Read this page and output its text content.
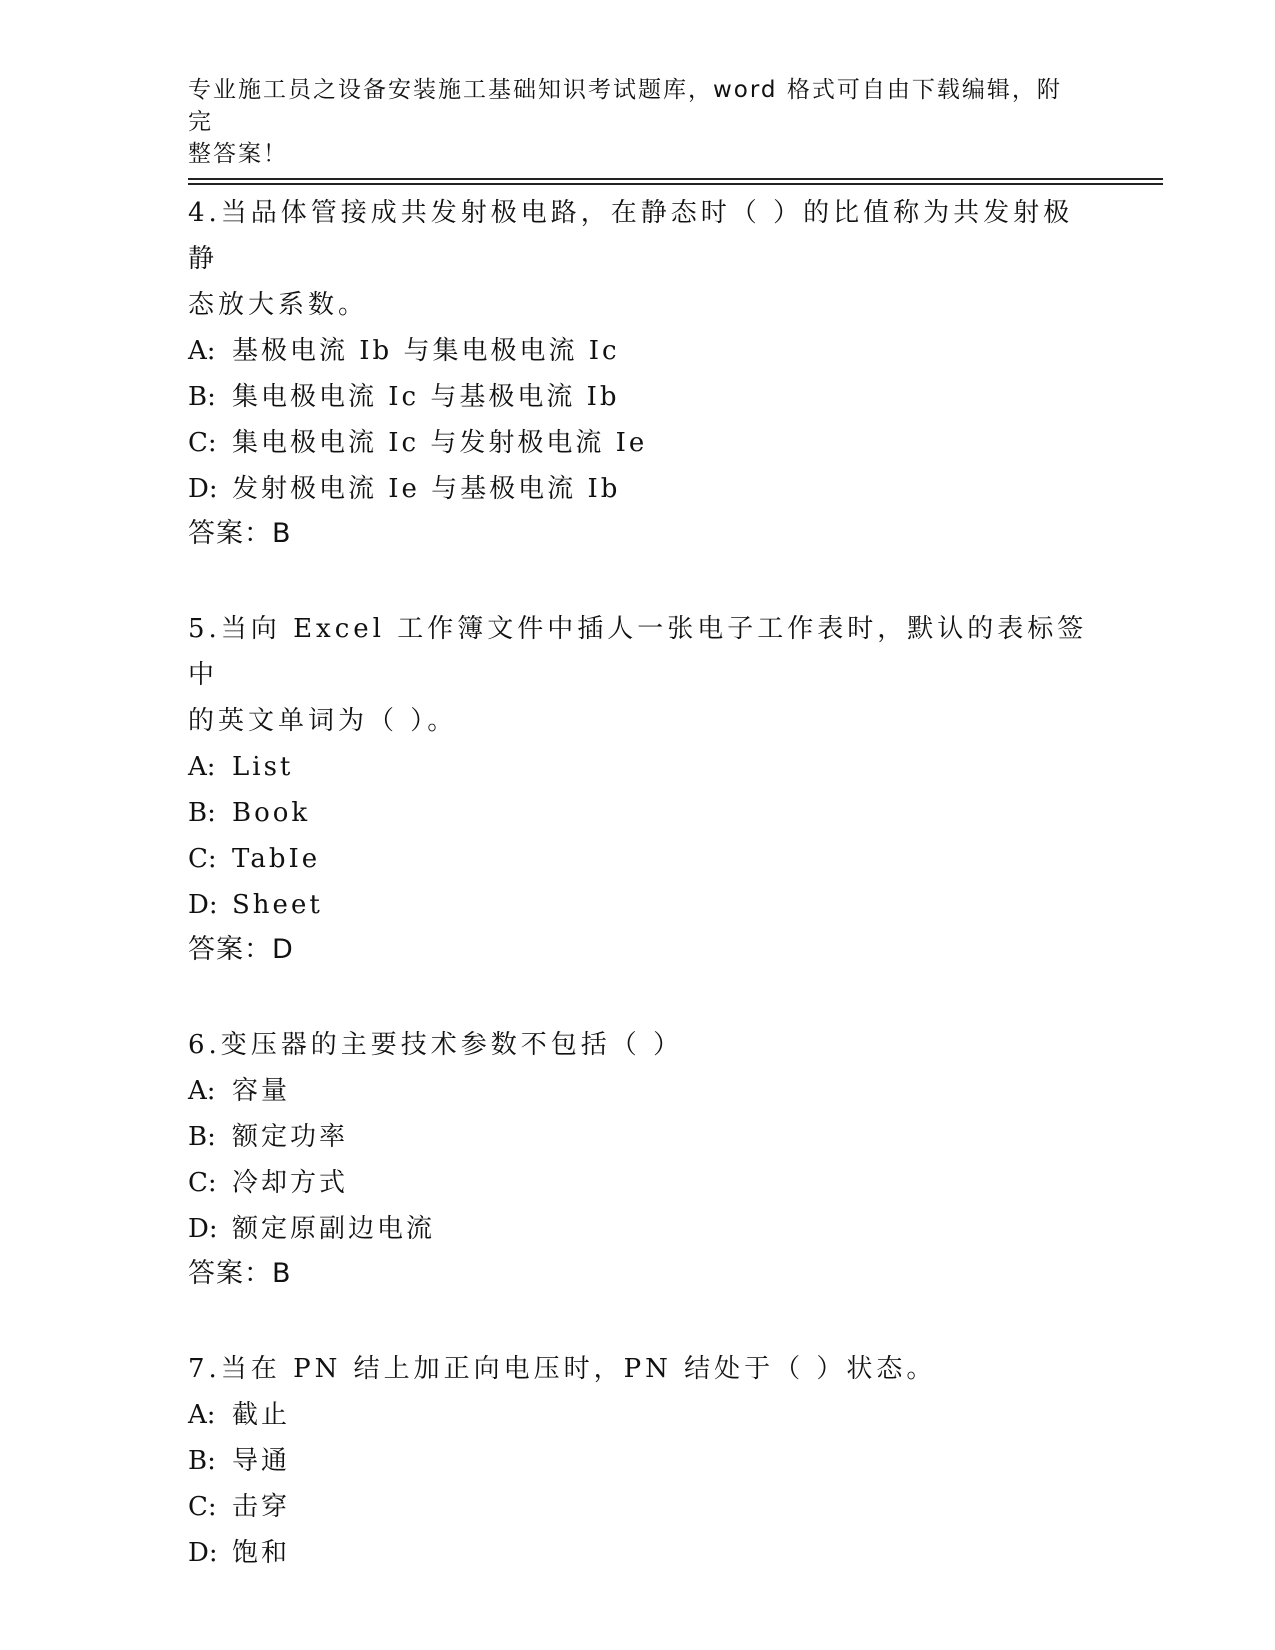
专业施工员之设备安装施工基础知识考试题库，word 格式可自由下载编辑，附完
整答案！
4.当品体管接成共发射极电路，在静态时（ ）的比值称为共发射极静
态放大系数。
A: 基极电流 Ib 与集电极电流 Ic
B: 集电极电流 Ic 与基极电流 Ib
C: 集电极电流 Ic 与发射极电流 Ie
D: 发射极电流 Ie 与基极电流 Ib
答案：B
5.当向 Excel 工作簿文件中插人一张电子工作表时，默认的表标签中
的英文单词为（ ）。
A: List
B: Book
C: TabIe
D: Sheet
答案：D
6.变压器的主要技术参数不包括（ ）
A: 容量
B: 额定功率
C: 冷却方式
D: 额定原副边电流
答案：B
7.当在 PN 结上加正向电压时，PN 结处于（ ）状态。
A: 截止
B: 导通
C: 击穿
D: 饱和
